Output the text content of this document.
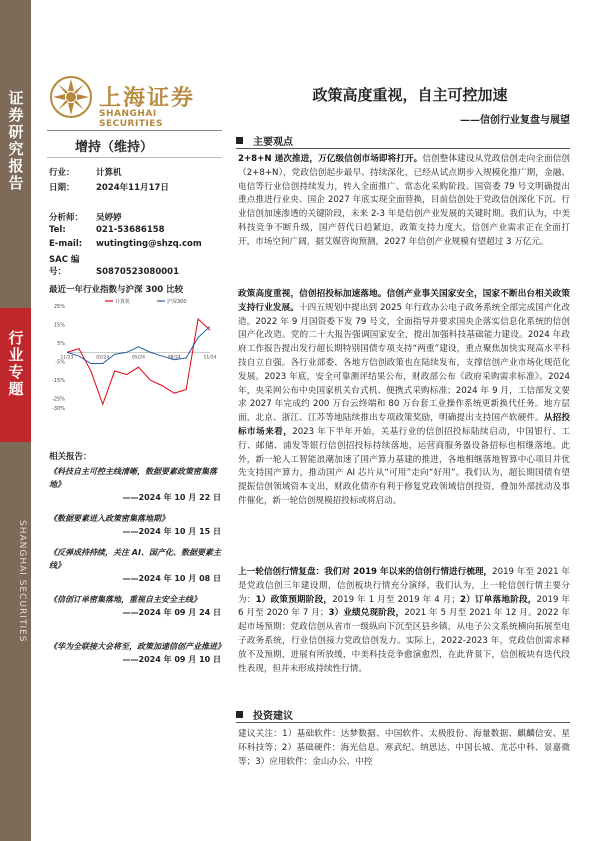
证券研究报告
行业专题
SHANGHAI SECURITIES
上海证券
SHANGHAI SECURITIES
政策高度重视，自主可控加速
——信创行业复盘与展望
增持（维持）
行业：	计算机
日期：	2024年11月17日
分析师： 吴婷婷
Tel:	021-53686158
E-mail: wutingting@shzq.com
SAC 编号：	S0870523080001
最近一年行业指数与沪深 300 比较
25%
15%
5%
-5%
-15%
-25%
-30%
11/23	02/24	05/24	08/24	11/24
计算机	沪深300
相关报告：
《科技自主可控主线清晰，数据要素政策密集落地》
——2024 年 10 月 22 日
《数据要素进入政策密集落地期》
——2024 年 10 月 15 日
《反弹成持持续，关注 AI、国产化、数据要素主线》
——2024 年 10 月 08 日
《信创订单密集落地，重视自主安全主线》
——2024 年 09 月 24 日
《华为全联接大会将至，政策加速信创产业推进》
——2024 年 09 月 10 日
主要观点
2+8+N 递次推进，万亿级信创市场即将打开。信创整体建设从党政信创走向全面信创（2+8+N），党政信创起步最早、持续深化，已经从试点期步入规模化推广期，金融、电信等行业信创持续发力，转入全面推广、常态化采购阶段。国资委 79 号文明确提出重点推进行业央、国企 2027 年底实现全面替换，目前信创处于党政信创深化下沉、行业信创加速渗透的关键阶段，未来 2-3 年是信创产业发展的关键时期。我们认为，中美科技竞争不断升级，国产替代日趋紧迫，政策支持力度大，信创产业需求正在全面打开，市场空间广阔，据艾媒咨询预测，2027 年信创产业规模有望超过 3 万亿元。
政策高度重视，信创招投标加速落地。信创产业事关国家安全，国家不断出台相关政策支持行业发展。十四五规划中提出到 2025 年行政办公电子政务系统全部完成国产化改造。2022 年 9 月国资委下发 79 号文，全面指导并要求国央企落实信息化系统的信创国产化改造。党的二十大报告强调国家安全，提出加强科技基础能力建设。2024 年政府工作报告提出发行超长期特别国债专项支持“两重”建设，重点聚焦加快实现高水平科技自立自强。各行业部委、各地方信创政策也在陆续发布，支撑信创产业市场化规范化发展。2023 年底，安全可靠测评结果公布，财政部公布《政府采购需求标准》。2024 年，央采网公布中央国家机关台式机、便携式采购标准；2024 年 9 月，工信部发文要求 2027 年完成约 200 万台云终端和 80 万台套工业操作系统更新换代任务。地方层面，北京、浙江、江苏等地陆续推出专项政策奖励，明确提出支持国产软硬件。从招投标市场来看，2023 年下半年开始，关基行业的信创招投标陆续启动，中国银行、工行、邮储、浦发等银行信创招投标持续落地，运营商服务器设备招标也相继落地。此外，新一轮人工智能浪潮加速了国产算力基建的推进，各地相继落地智算中心项目并优先支持国产算力，推动国产 AI 芯片从“可用”走向“好用”。我们认为，超长期国债有望提振信创领域资本支出，财政化债亦有利于修复党政领域信创投资，叠加外部扰动及事件催化，新一轮信创规模招投标或将启动。
上一轮信创行情复盘：我们对 2019 年以来的信创行情进行梳理，2019 年至 2021 年是党政信创三年建设期，信创板块行情充分演绎，我们认为，上一轮信创行情主要分为：1）政策预期阶段，2019 年 1 月至 2019 年 4 月；2）订单落地阶段，2019 年 6 月至 2020 年 7 月；3）业绩兑现阶段，2021 年 5 月至 2021 年 12 月。2022 年起市场预期：党政信创从省市一级纵向下沉至区县乡镇，从电子公文系统横向拓展至电子政务系统，行业信创接力党政信创发力。实际上，2022-2023 年，党政信创需求释放不及预期，进展有所放缓，中美科技竞争愈演愈烈，在此背景下，信创板块有迭代段性表现，但并未形成持续性行情。
投资建议
建议关注：1）基础软件：达梦数据、中国软件、太极股份、海量数据、麒麟信安、星环科技等；2）基础硬件：海光信息、寒武纪、纳思达、中国长城、龙芯中科、景嘉微等；3）应用软件：金山办公、中控
